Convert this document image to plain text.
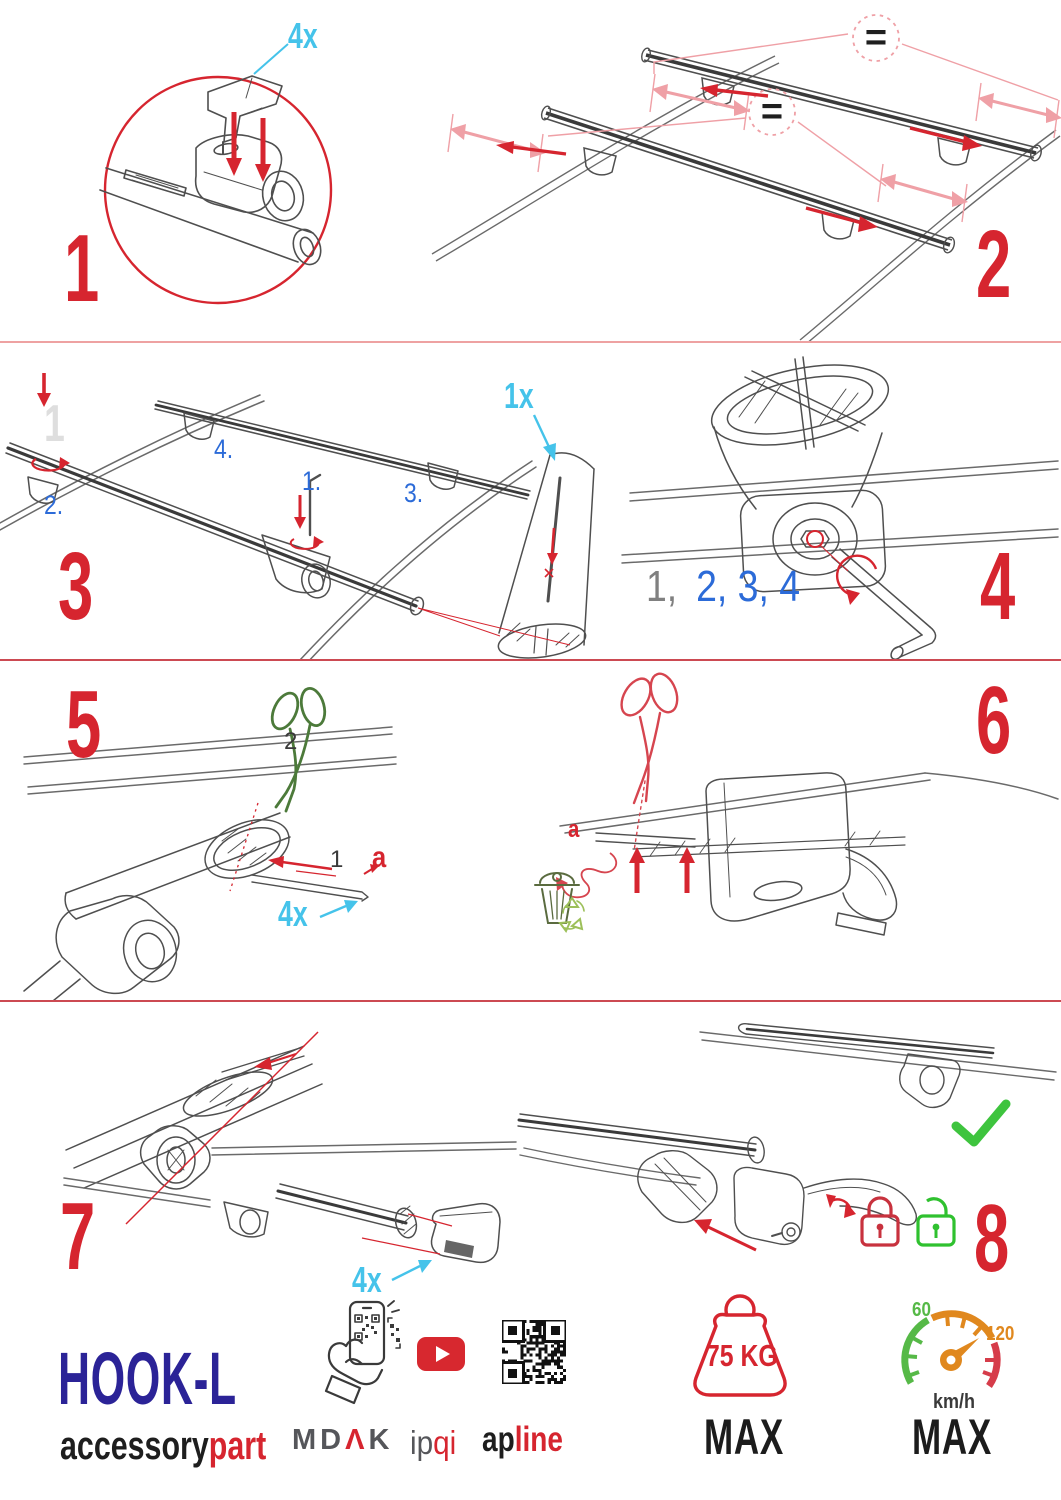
4x
1
=
=
2
1
2.
4.
1.	3.
1x
3	1, 2, 3, 4 4
5	2
1 a
4x
a
6
7	4x	8
HOOK-L
accessorypart MDΛK ipqi apline
75 KG
MAX
60
120
km/h
MAX
